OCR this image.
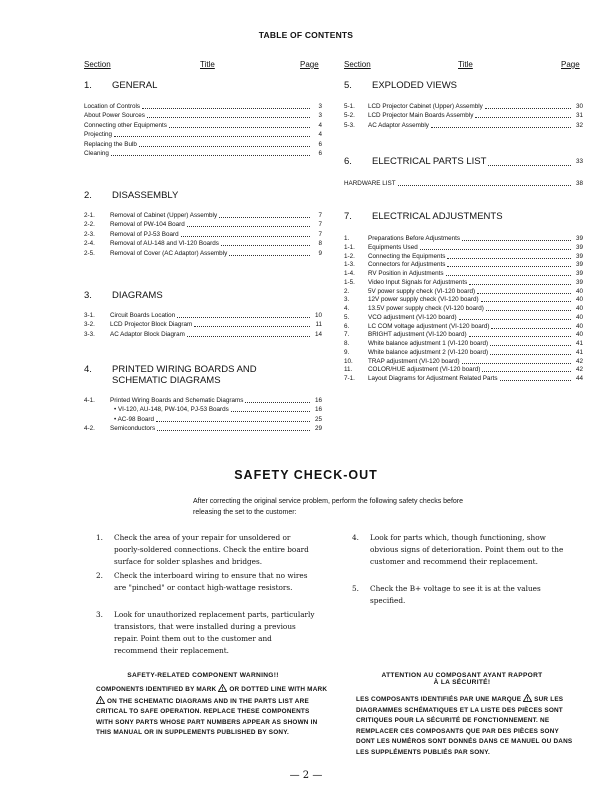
TABLE OF CONTENTS
Section	Title	Page	Section	Title	Page
1.	GENERAL
Location of Controls	3
About Power Sources	3
Connecting other Equipments	4
Projecting	4
Replacing the Bulb	6
Cleaning	6
2.	DISASSEMBLY
2-1.	Removal of Cabinet (Upper) Assembly	7
2-2.	Removal of PW-104 Board	7
2-3.	Removal of PJ-53 Board	7
2-4.	Removal of AU-148 and VI-120 Boards	8
2-5.	Removal of Cover (AC Adaptor) Assembly	9
3.	DIAGRAMS
3-1.	Circuit Boards Location	10
3-2.	LCD Projector Block Diagram	11
3-3.	AC Adaptor Block Diagram	14
4.	PRINTED WIRING BOARDS AND
SCHEMATIC DIAGRAMS
4-1.	Printed Wiring Boards and Schematic Diagrams	16
• VI-120, AU-148, PW-104, PJ-53 Boards	16
• AC-98 Board	25
4-2.	Semiconductors	29
5.	EXPLODED VIEWS
5-1.	LCD Projector Cabinet (Upper) Assembly	30
5-2.	LCD Projector Main Boards Assembly	31
5-3.	AC Adaptor Assembly	32
6.	ELECTRICAL PARTS LIST	33
HARDWARE LIST	38
7.	ELECTRICAL ADJUSTMENTS
1.	Preparations Before Adjustments	39
1-1.	Equipments Used	39
1-2.	Connecting the Equipments	39
1-3.	Connectors for Adjustments	39
1-4.	RV Position in Adjustments	39
1-5.	Video Input Signals for Adjustments	39
2.	5V power supply check (VI-120 board)	40
3.	12V power supply check (VI-120 board)	40
4.	13.5V power supply check (VI-120 board)	40
5.	VCO adjustment (VI-120 board)	40
6.	LC COM voltage adjustment (VI-120 board)	40
7.	BRIGHT adjustment (VI-120 board)	40
8.	White balance adjustment 1 (VI-120 board)	41
9.	White balance adjustment 2 (VI-120 board)	41
10.	TRAP adjustment (VI-120 board)	42
11.	COLOR/HUE adjustment (VI-120 board)	42
7-1.	Layout Diagrams for Adjustment Related Parts	44
SAFETY CHECK-OUT
After correcting the original service problem, perform the following safety checks before releasing the set to the customer:
1.	Check the area of your repair for unsoldered or poorly-soldered connections. Check the entire board surface for solder splashes and bridges.
2.	Check the interboard wiring to ensure that no wires are "pinched" or contact high-wattage resistors.
3.	Look for unauthorized replacement parts, particularly transistors, that were installed during a previous repair. Point them out to the customer and recommend their replacement.
4.	Look for parts which, though functioning, show obvious signs of deterioration. Point them out to the customer and recommend their replacement.
5.	Check the B+ voltage to see it is at the values specified.
SAFETY-RELATED COMPONENT WARNING!!
COMPONENTS IDENTIFIED BY MARK ! OR DOTTED LINE WITH MARK
! ON THE SCHEMATIC DIAGRAMS AND IN THE PARTS LIST ARE CRITICAL TO SAFE OPERATION. REPLACE THESE COMPONENTS WITH SONY PARTS WHOSE PART NUMBERS APPEAR AS SHOWN IN THIS MANUAL OR IN SUPPLEMENTS PUBLISHED BY SONY.
ATTENTION AU COMPOSANT AYANT RAPPORT
À LA SÉCURITÉ!
LES COMPOSANTS IDENTIFIÉS PAR UNE MARQUE ! SUR LES DIAGRAMMES SCHÉMATIQUES ET LA LISTE DES PIÈCES SONT CRITIQUES POUR LA SÉCURITÉ DE FONCTIONNEMENT. NE REMPLACER CES COMPOSANTS QUE PAR DES PIÈCES SONY DONT LES NUMÉROS SONT DONNÉS DANS CE MANUEL OU DANS LES SUPPLÉMENTS PUBLIÉS PAR SONY.
— 2 —
